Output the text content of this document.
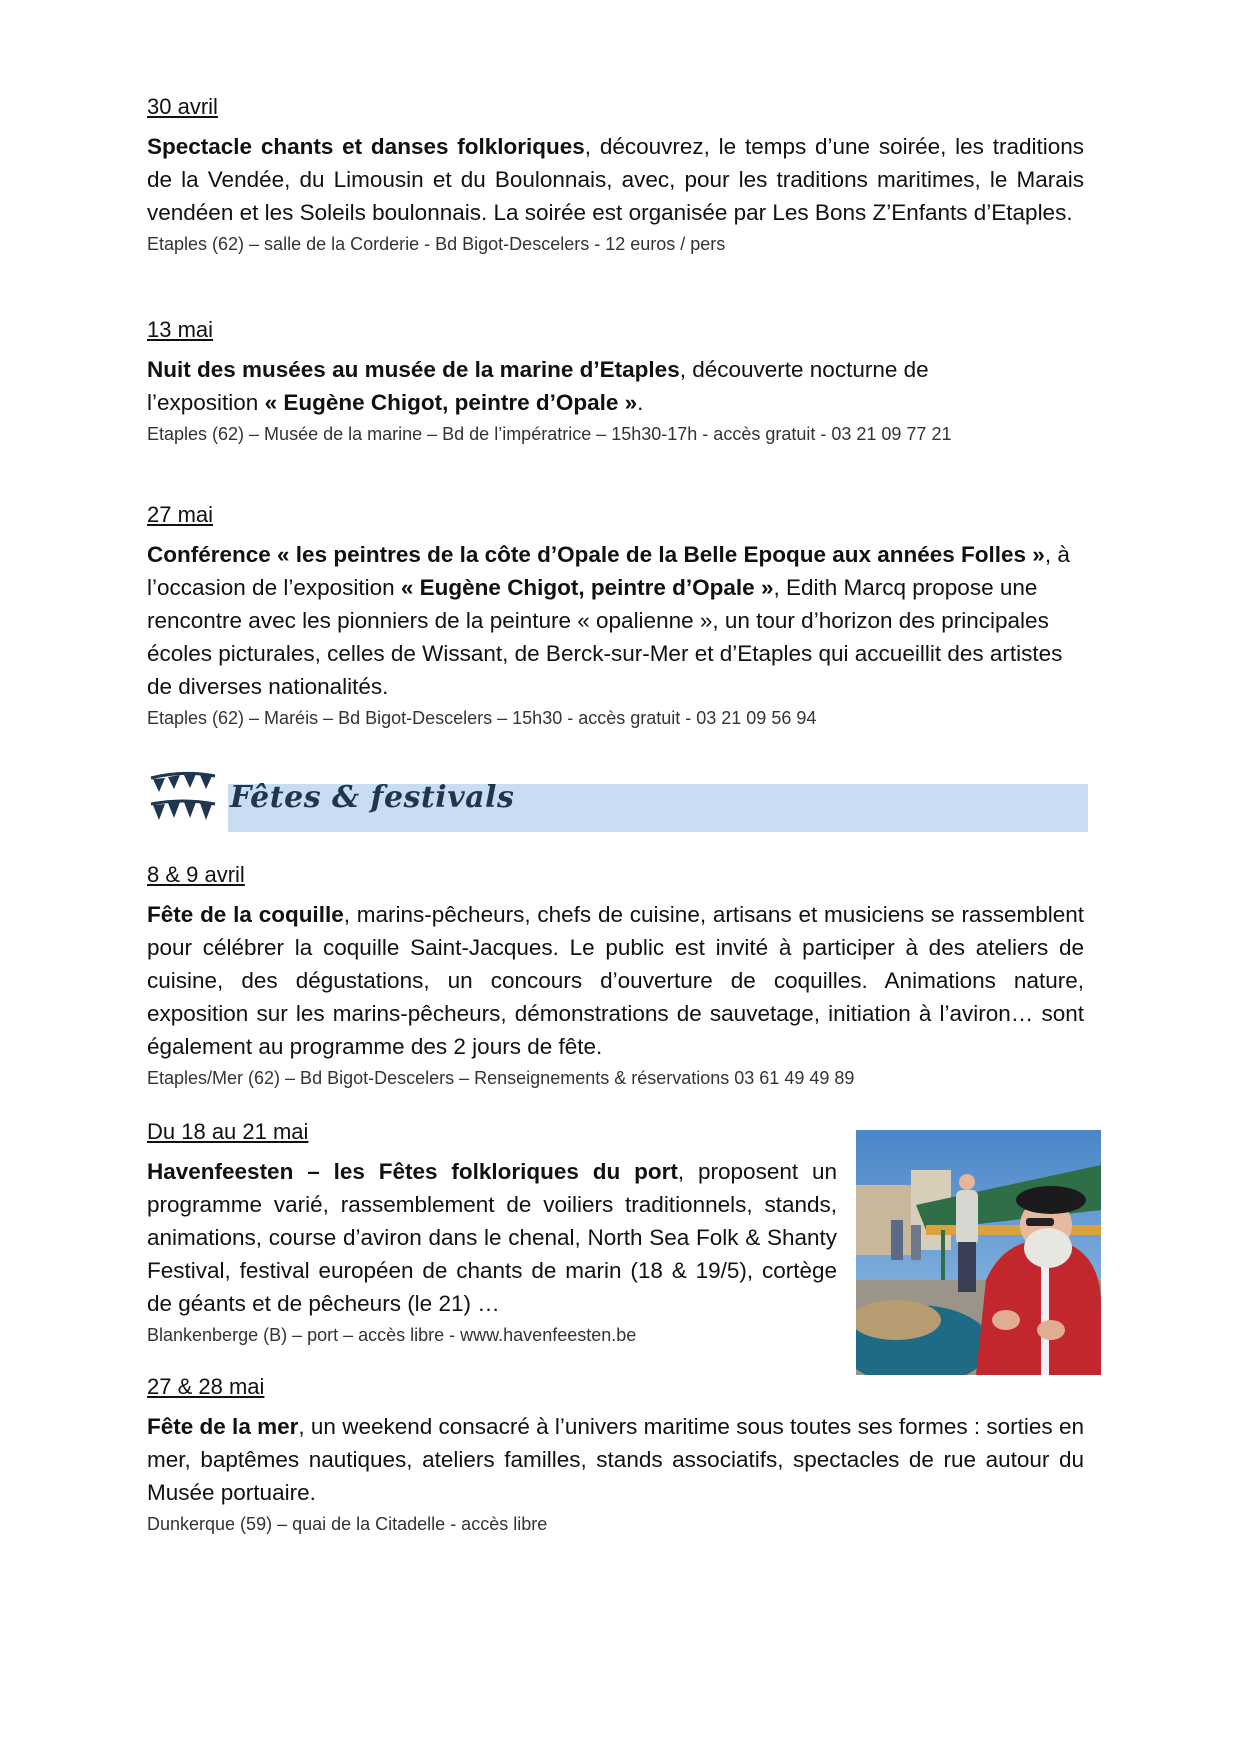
30 avril

Spectacle chants et danses folkloriques, découvrez, le temps d’une soirée, les traditions de la Vendée, du Limousin et du Boulonnais, avec, pour les traditions maritimes, le Marais vendéen et les Soleils boulonnais. La soirée est organisée par Les Bons Z’Enfants d’Etaples.

Etaples (62) – salle de la Corderie - Bd Bigot-Descelers - 12 euros / pers

13 mai

Nuit des musées au musée de la marine d’Etaples, découverte nocturne de l’exposition « Eugène Chigot, peintre d’Opale ».

Etaples (62) – Musée de la marine – Bd de l’impératrice – 15h30-17h - accès gratuit - 03 21 09 77 21

27 mai

Conférence « les peintres de la côte d’Opale de la Belle Epoque aux années Folles », à l’occasion de l’exposition « Eugène Chigot, peintre d’Opale », Edith Marcq propose une rencontre avec les pionniers de la peinture « opalienne », un tour d’horizon des principales écoles picturales, celles de Wissant, de Berck-sur-Mer et d’Etaples qui accueillit des artistes de diverses nationalités.

Etaples (62) – Maréis – Bd Bigot-Descelers – 15h30 - accès gratuit - 03 21 09 56 94

Fêtes & festivals

8 & 9 avril

Fête de la coquille, marins-pêcheurs, chefs de cuisine, artisans et musiciens se rassemblent pour célébrer la coquille Saint-Jacques. Le public est invité à participer à des ateliers de cuisine, des dégustations, un concours d’ouverture de coquilles. Animations nature, exposition sur les marins-pêcheurs, démonstrations de sauvetage, initiation à l’aviron… sont également au programme des 2 jours de fête.

Etaples/Mer (62) – Bd Bigot-Descelers – Renseignements & réservations 03 61 49 49 89

Du 18 au 21 mai

Havenfeesten – les Fêtes folkloriques du port, proposent un programme varié, rassemblement de voiliers traditionnels, stands, animations, course d’aviron dans le chenal, North Sea Folk & Shanty Festival, festival européen de chants de marin (18 & 19/5), cortège de géants et de pêcheurs (le 21) …

Blankenberge (B) – port – accès libre - www.havenfeesten.be

27 & 28 mai

Fête de la mer, un weekend consacré à l’univers maritime sous toutes ses formes : sorties en mer, baptêmes nautiques, ateliers familles, stands associatifs, spectacles de rue autour du Musée portuaire.

Dunkerque (59) – quai de la Citadelle - accès libre
